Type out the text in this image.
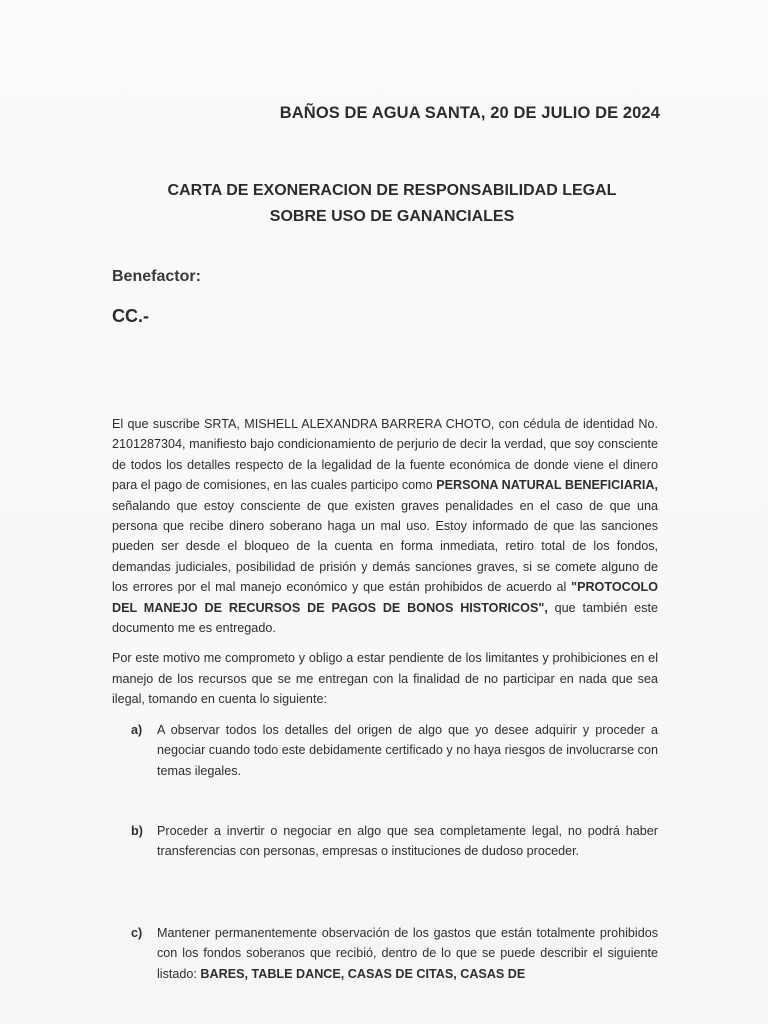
BAÑOS DE AGUA SANTA, 20 DE JULIO DE 2024
CARTA DE EXONERACION DE RESPONSABILIDAD LEGAL
SOBRE USO DE GANANCIALES
Benefactor:
CC.-

El que suscribe SRTA, MISHELL ALEXANDRA BARRERA CHOTO, con cédula de identidad No. 2101287304, manifiesto bajo condicionamiento de perjurio de decir la verdad, que soy consciente de todos los detalles respecto de la legalidad de la fuente económica de donde viene el dinero para el pago de comisiones, en las cuales participo como PERSONA NATURAL BENEFICIARIA, señalando que estoy consciente de que existen graves penalidades en el caso de que una persona que recibe dinero soberano haga un mal uso. Estoy informado de que las sanciones pueden ser desde el bloqueo de la cuenta en forma inmediata, retiro total de los fondos, demandas judiciales, posibilidad de prisión y demás sanciones graves, si se comete alguno de los errores por el mal manejo económico y que están prohibidos de acuerdo al "PROTOCOLO DEL MANEJO DE RECURSOS DE PAGOS DE BONOS HISTORICOS", que también este documento me es entregado.

Por este motivo me comprometo y obligo a estar pendiente de los limitantes y prohibiciones en el manejo de los recursos que se me entregan con la finalidad de no participar en nada que sea ilegal, tomando en cuenta lo siguiente:

a)	A observar todos los detalles del origen de algo que yo desee adquirir y proceder a negociar cuando todo este debidamente certificado y no haya riesgos de involucrarse con temas ilegales.
b)	Proceder a invertir o negociar en algo que sea completamente legal, no podrá haber transferencias con personas, empresas o instituciones de dudoso proceder.
c)	Mantener permanentemente observación de los gastos que están totalmente prohibidos con los fondos soberanos que recibió, dentro de lo que se puede describir el siguiente listado: BARES, TABLE DANCE, CASAS DE CITAS, CASAS DE
